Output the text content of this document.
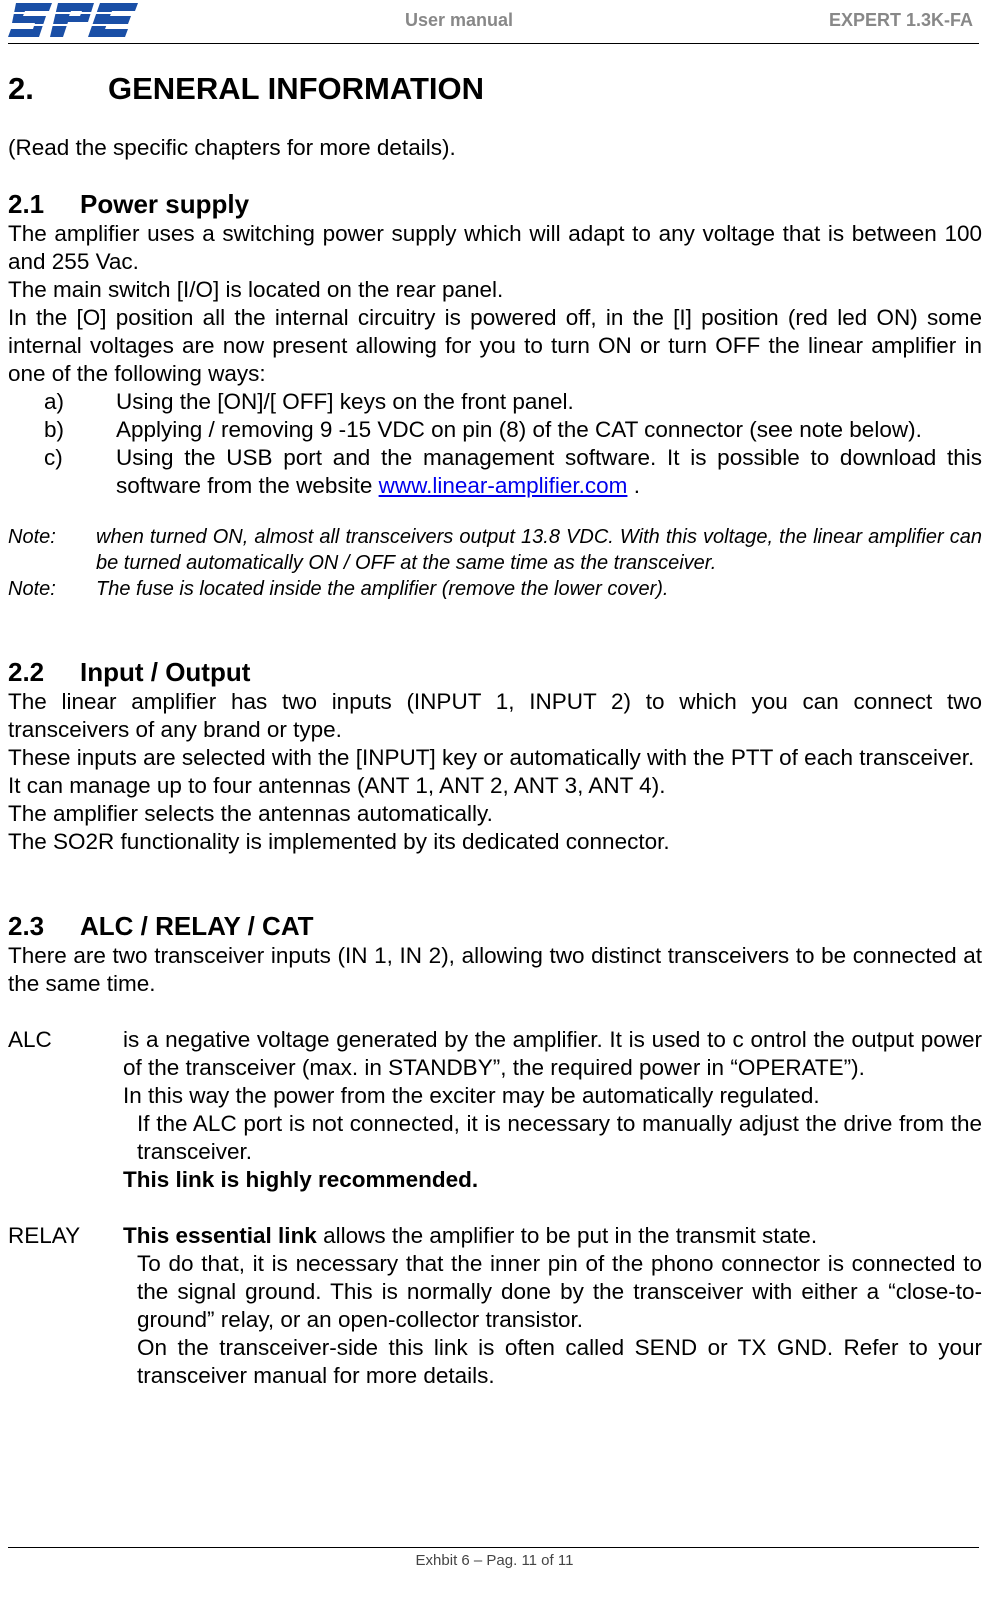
User manual	EXPERT 1.3K-FA
2.	GENERAL INFORMATION

(Read the specific chapters for more details).

2.1	Power supply

The amplifier uses a switching power supply which will adapt to any voltage that is between 100 and 255 Vac.

The main switch [I/O] is located on the rear panel.

In the [O] position all the internal circuitry is powered off, in the [I] position (red led ON) some internal voltages are now present allowing for you to turn ON or turn OFF the linear amplifier in one of the following ways:

a)	Using the [ON]/[ OFF] keys on the front panel.
b)	Applying / removing 9 -15 VDC on pin (8) of the CAT connector (see note below).
c)	Using the USB port and the management software. It is possible to download this software from the website www.linear-amplifier.com .
Note:	when turned ON, almost all transceivers output 13.8 VDC. With this voltage, the linear amplifier can be turned automatically ON / OFF at the same time as the transceiver.
Note:	The fuse is located inside the amplifier (remove the lower cover).
2.2	Input / Output

The linear amplifier has two inputs (INPUT 1, INPUT 2) to which you can connect two transceivers of any brand or type.

These inputs are selected with the [INPUT] key or automatically with the PTT of each transceiver.

It can manage up to four antennas (ANT 1, ANT 2, ANT 3, ANT 4).

The amplifier selects the antennas automatically.

The SO2R functionality is implemented by its dedicated connector.

2.3	ALC / RELAY / CAT

There are two transceiver inputs (IN 1, IN 2), allowing two distinct transceivers to be connected at the same time.

ALC	is a negative voltage generated by the amplifier. It is used to c ontrol the output power of the transceiver (max. in STANDBY”, the required power in “OPERATE”).

In this way the power from the exciter may be automatically regulated.

If the ALC port is not connected, it is necessary to manually adjust the drive from the transceiver.

This link is highly recommended.

RELAY	This essential link allows the amplifier to be put in the transmit state.

To do that, it is necessary that the inner pin of the phono connector is connected to the signal ground. This is normally done by the transceiver with either a “close-to-ground” relay, or an open-collector transistor.

On the transceiver-side this link is often called SEND or TX GND. Refer to your transceiver manual for more details.

Exhbit 6 – Pag. 11 of 11
